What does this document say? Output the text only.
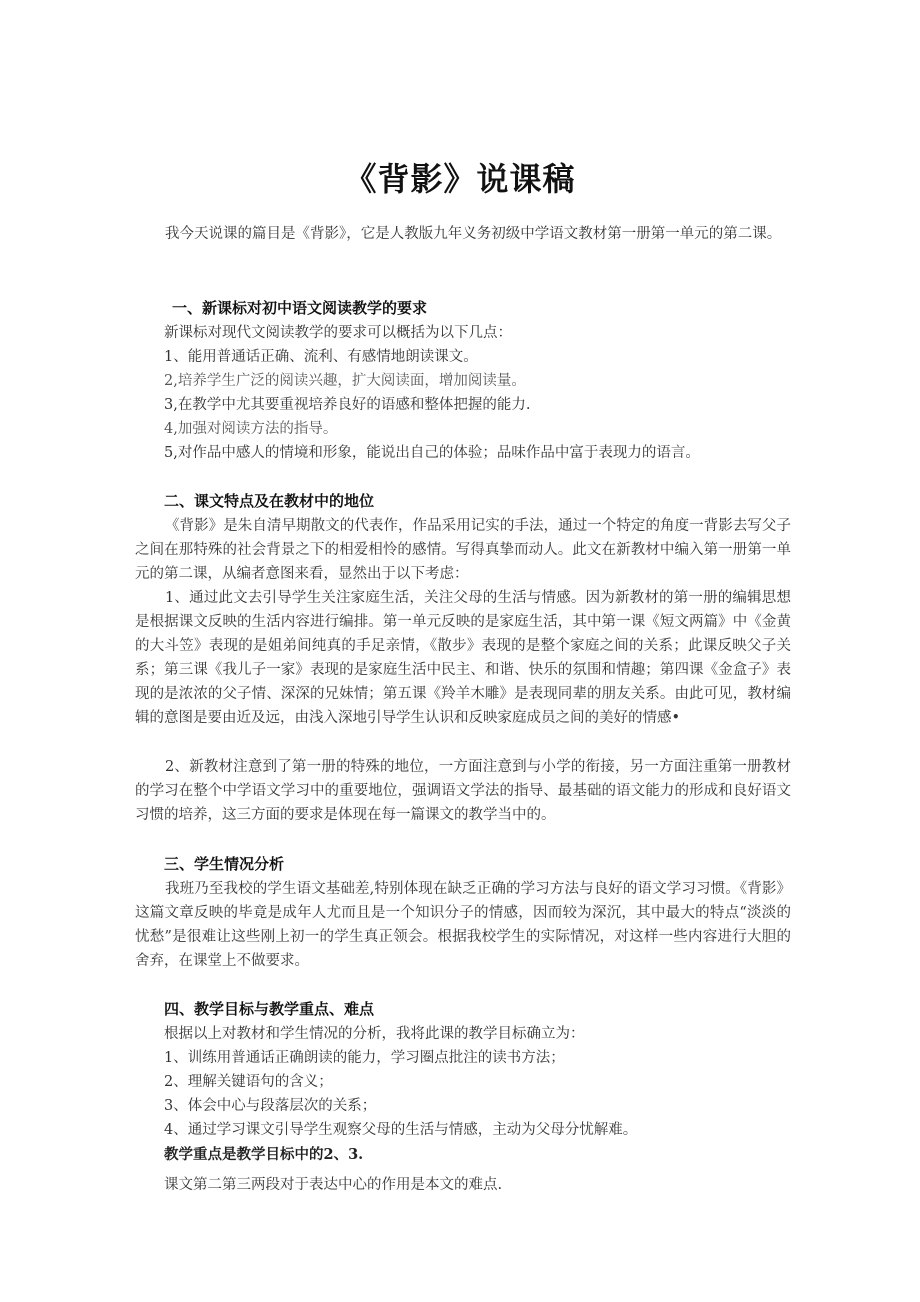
《背影》说课稿
我今天说课的篇目是《背影》，它是人教版九年义务初级中学语文教材第一册第一单元的第二课。
一、新课标对初中语文阅读教学的要求
新课标对现代文阅读教学的要求可以概括为以下几点：
1、能用普通话正确、流利、有感情地朗读课文。
2,培养学生广泛的阅读兴趣，扩大阅读面，增加阅读量。
3,在教学中尤其要重视培养良好的语感和整体把握的能力.
4,加强对阅读方法的指导。
5,对作品中感人的情境和形象，能说出自己的体验；品味作品中富于表现力的语言。
二、课文特点及在教材中的地位
《背影》是朱自清早期散文的代表作，作品采用记实的手法，通过一个特定的角度一背影去写父子之间在那特殊的社会背景之下的相爱相怜的感情。写得真挚而动人。此文在新教材中编入第一册第一单元的第二课，从编者意图来看，显然出于以下考虑：
1、通过此文去引导学生关注家庭生活，关注父母的生活与情感。因为新教材的第一册的编辑思想是根据课文反映的生活内容进行编排。第一单元反映的是家庭生活，其中第一课《短文两篇》中《金黄的大斗笠》表现的是姐弟间纯真的手足亲情，《散步》表现的是整个家庭之间的关系；此课反映父子关系；第三课《我儿子一家》表现的是家庭生活中民主、和谐、快乐的氛围和情趣；第四课《金盒子》表现的是浓浓的父子情、深深的兄妹情；第五课《羚羊木雕》是表现同辈的朋友关系。由此可见，教材编辑的意图是要由近及远，由浅入深地引导学生认识和反映家庭成员之间的美好的情感•
2、新教材注意到了第一册的特殊的地位，一方面注意到与小学的衔接，另一方面注重第一册教材的学习在整个中学语文学习中的重要地位，强调语文学法的指导、最基础的语文能力的形成和良好语文习惯的培养，这三方面的要求是体现在每一篇课文的教学当中的。
三、学生情况分析
我班乃至我校的学生语文基础差,特别体现在缺乏正确的学习方法与良好的语文学习习惯。《背影》这篇文章反映的毕竟是成年人尤而且是一个知识分子的情感，因而较为深沉，其中最大的特点“淡淡的忧愁”是很难让这些刚上初一的学生真正领会。根据我校学生的实际情况，对这样一些内容进行大胆的舍弃，在课堂上不做要求。
四、教学目标与教学重点、难点
根据以上对教材和学生情况的分析，我将此课的教学目标确立为：
1、训练用普通话正确朗读的能力，学习圈点批注的读书方法；
2、理解关键语句的含义；
3、体会中心与段落层次的关系；
4、通过学习课文引导学生观察父母的生活与情感，主动为父母分忧解难。
教学重点是教学目标中的2、3.
课文第二第三两段对于表达中心的作用是本文的难点.
